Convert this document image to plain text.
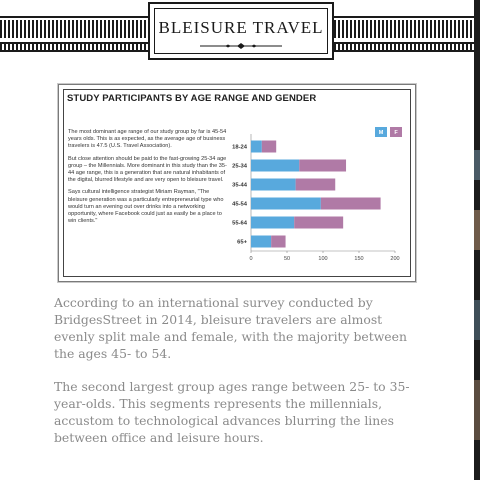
BLEISURE TRAVEL
STUDY PARTICIPANTS BY AGE RANGE AND GENDER

The most dominant age range of our study group by far is 45-54 years olds. This is as expected, as the average age of business travelers is 47.5 (U.S. Travel Association).

But close attention should be paid to the fast-growing 25-34 age group – the Millennials. More dominant in this study than the 35-44 age range, this is a generation that are natural inhabitants of the digital, blurred lifestyle and are very open to bleisure travel.

Says cultural intelligence strategist Miriam Rayman, "The bleisure generation was a particularly entrepreneurial type who would turn an evening out over drinks into a networking opportunity, where Facebook could just as easily be a place to win clients."

0	50	100	150	200
18-24
25-34
35-44
45-54
55-64
65+
M F

According to an international survey conducted by BridgesStreet in 2014, bleisure travelers are almost evenly split male and female, with the majority between the ages 45- to 54.

The second largest group ages range between 25- to 35-year-olds. This segments represents the millennials, accustom to technological advances blurring the lines between office and leisure hours.
